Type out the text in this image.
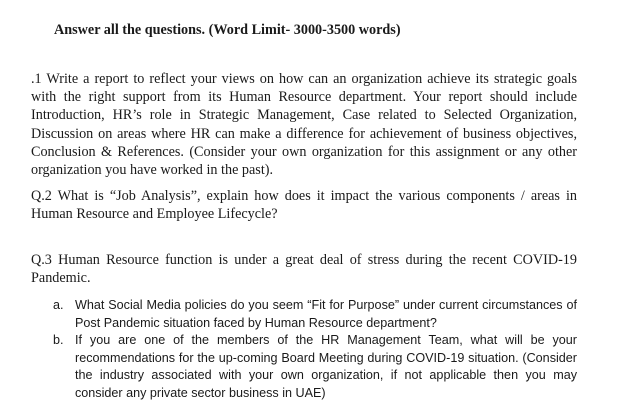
Answer all the questions. (Word Limit- 3000-3500 words)

.1 Write a report to reflect your views on how can an organization achieve its strategic goals with the right support from its Human Resource department. Your report should include Introduction, HR’s role in Strategic Management, Case related to Selected Organization, Discussion on areas where HR can make a difference for achievement of business objectives, Conclusion & References. (Consider your own organization for this assignment or any other organization you have worked in the past).

Q.2 What is “Job Analysis”, explain how does it impact the various components / areas in Human Resource and Employee Lifecycle?

Q.3 Human Resource function is under a great deal of stress during the recent COVID-19 Pandemic.

a. What Social Media policies do you seem “Fit for Purpose” under current circumstances of Post Pandemic situation faced by Human Resource department?
b. If you are one of the members of the HR Management Team, what will be your recommendations for the up-coming Board Meeting during COVID-19 situation. (Consider the industry associated with your own organization, if not applicable then you may consider any private sector business in UAE)
